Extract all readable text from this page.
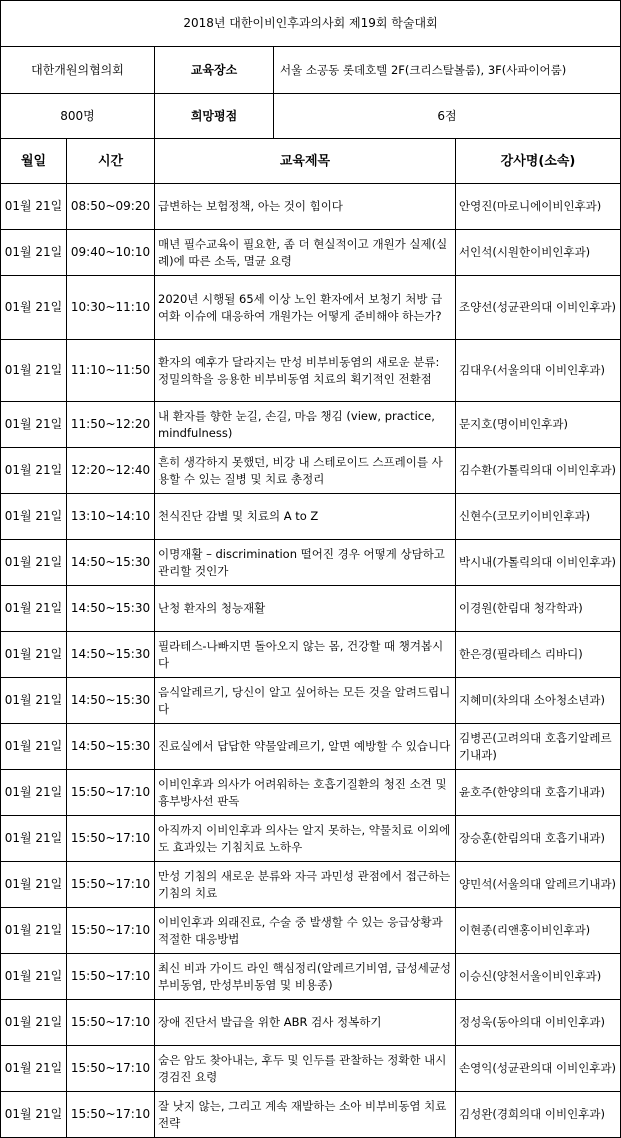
2018년 대한이비인후과의사회 제19회 학술대회			
대한개원의협의회		교육장소 서울 소공동 롯데호텔 2F(크리스탈볼룸), 3F(사파이어룸)	

800명		희망평점 6점	

월일	시간	교육제목	강사명(소속)
01월 21일	08:50~09:20	급변하는 보험정책, 아는 것이 힘이다	안영진(마로니에이비인후과)
01월 21일	09:40~10:10	매년 필수교육이 필요한, 좀 더 현실적이고 개원가 실제(실례)에 따른 소독, 멸균 요령	서인석(시원한이비인후과)
01월 21일	10:30~11:10	2020년 시행될 65세 이상 노인 환자에서 보청기 처방 급여화 이슈에 대응하여 개원가는 어떻게 준비해야 하는가?	조양선(성균관의대 이비인후과)
01월 21일	11:10~11:50	환자의 예후가 달라지는 만성 비부비동염의 새로운 분류: 정밀의학을 응용한 비부비동염 치료의 획기적인 전환점	김대우(서울의대 이비인후과)
01월 21일	11:50~12:20	내 환자를 향한 눈길, 손길, 마음 챙김 (view, practice, mindfulness)	문지호(명이비인후과)
01월 21일	12:20~12:40	흔히 생각하지 못했던, 비강 내 스테로이드 스프레이를 사용할 수 있는 질병 및 치료 총정리	김수환(가톨릭의대 이비인후과)
01월 21일	13:10~14:10	천식진단 감별 및 치료의 A to Z	신현수(코모키이비인후과)
01월 21일	14:50~15:30	이명재활 – discrimination 떨어진 경우 어떻게 상담하고 관리할 것인가	박시내(가톨릭의대 이비인후과)
01월 21일	14:50~15:30	난청 환자의 청능재활	이경원(한림대 청각학과)
01월 21일	14:50~15:30	필라테스-나빠지면 돌아오지 않는 몸, 건강할 때 챙겨봅시다	한은경(필라테스 리바디)
01월 21일	14:50~15:30	음식알레르기, 당신이 알고 싶어하는 모든 것을 알려드립니다	지혜미(차의대 소아청소년과)
01월 21일	14:50~15:30	진료실에서 답답한 약물알레르기, 알면 예방할 수 있습니다	김병곤(고려의대 호흡기알레르기내과)
01월 21일	15:50~17:10	이비인후과 의사가 어려워하는 호흡기질환의 청진 소견 및 흉부방사선 판독	윤호주(한양의대 호흡기내과)
01월 21일	15:50~17:10	아직까지 이비인후과 의사는 알지 못하는, 약물치료 이외에도 효과있는 기침치료 노하우	장승훈(한림의대 호흡기내과)
01월 21일	15:50~17:10	만성 기침의 새로운 분류와 자극 과민성 관점에서 접근하는 기침의 치료	양민석(서울의대 알레르기내과)
01월 21일	15:50~17:10	이비인후과 외래진료, 수술 중 발생할 수 있는 응급상황과 적절한 대응방법	이현종(리앤홍이비인후과)
01월 21일	15:50~17:10	최신 비과 가이드 라인 핵심정리(알레르기비염, 급성세균성 부비동염, 만성부비동염 및 비용종)	이승신(양천서울이비인후과)
01월 21일	15:50~17:10	장애 진단서 발급을 위한 ABR 검사 정복하기	정성욱(동아의대 이비인후과)
01월 21일	15:50~17:10	숨은 암도 찾아내는, 후두 및 인두를 관찰하는 정확한 내시경검진 요령	손영익(성균관의대 이비인후과)
01월 21일	15:50~17:10	잘 낫지 않는, 그리고 계속 재발하는 소아 비부비동염 치료 전략	김성완(경희의대 이비인후과)
